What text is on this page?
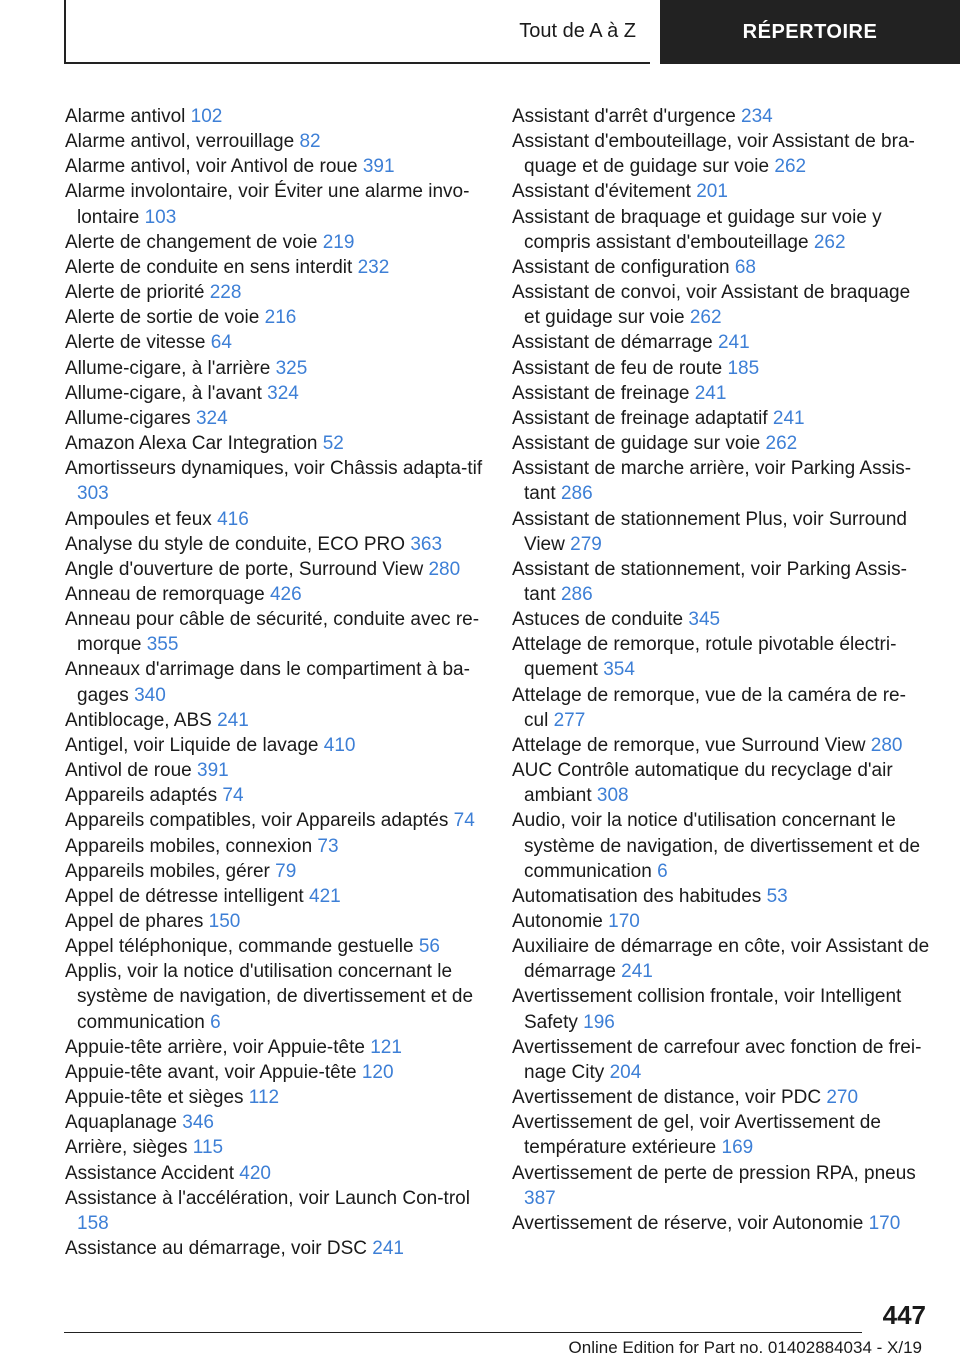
Tout de A à Z	RÉPERTOIRE
Alarme antivol 102
Alarme antivol, verrouillage 82
Alarme antivol, voir Antivol de roue 391
Alarme involontaire, voir Éviter une alarme invo-lontaire 103
Alerte de changement de voie 219
Alerte de conduite en sens interdit 232
Alerte de priorité 228
Alerte de sortie de voie 216
Alerte de vitesse 64
Allume-cigare, à l'arrière 325
Allume-cigare, à l'avant 324
Allume-cigares 324
Amazon Alexa Car Integration 52
Amortisseurs dynamiques, voir Châssis adapta-tif 303
Ampoules et feux 416
Analyse du style de conduite, ECO PRO 363
Angle d'ouverture de porte, Surround View 280
Anneau de remorquage 426
Anneau pour câble de sécurité, conduite avec re-morque 355
Anneaux d'arrimage dans le compartiment à ba-gages 340
Antiblocage, ABS 241
Antigel, voir Liquide de lavage 410
Antivol de roue 391
Appareils adaptés 74
Appareils compatibles, voir Appareils adaptés 74
Appareils mobiles, connexion 73
Appareils mobiles, gérer 79
Appel de détresse intelligent 421
Appel de phares 150
Appel téléphonique, commande gestuelle 56
Applis, voir la notice d'utilisation concernant le système de navigation, de divertissement et de communication 6
Appuie-tête arrière, voir Appuie-tête 121
Appuie-tête avant, voir Appuie-tête 120
Appuie-tête et sièges 112
Aquaplanage 346
Arrière, sièges 115
Assistance Accident 420
Assistance à l'accélération, voir Launch Con-trol 158
Assistance au démarrage, voir DSC 241
Assistant d'arrêt d'urgence 234
Assistant d'embouteillage, voir Assistant de bra-quage et de guidage sur voie 262
Assistant d'évitement 201
Assistant de braquage et guidage sur voie y compris assistant d'embouteillage 262
Assistant de configuration 68
Assistant de convoi, voir Assistant de braquage et guidage sur voie 262
Assistant de démarrage 241
Assistant de feu de route 185
Assistant de freinage 241
Assistant de freinage adaptatif 241
Assistant de guidage sur voie 262
Assistant de marche arrière, voir Parking Assis-tant 286
Assistant de stationnement Plus, voir Surround View 279
Assistant de stationnement, voir Parking Assis-tant 286
Astuces de conduite 345
Attelage de remorque, rotule pivotable électri-quement 354
Attelage de remorque, vue de la caméra de re-cul 277
Attelage de remorque, vue Surround View 280
AUC Contrôle automatique du recyclage d'air ambiant 308
Audio, voir la notice d'utilisation concernant le système de navigation, de divertissement et de communication 6
Automatisation des habitudes 53
Autonomie 170
Auxiliaire de démarrage en côte, voir Assistant de démarrage 241
Avertissement collision frontale, voir Intelligent Safety 196
Avertissement de carrefour avec fonction de frei-nage City 204
Avertissement de distance, voir PDC 270
Avertissement de gel, voir Avertissement de température extérieure 169
Avertissement de perte de pression RPA, pneus 387
Avertissement de réserve, voir Autonomie 170
447
Online Edition for Part no. 01402884034 - X/19
